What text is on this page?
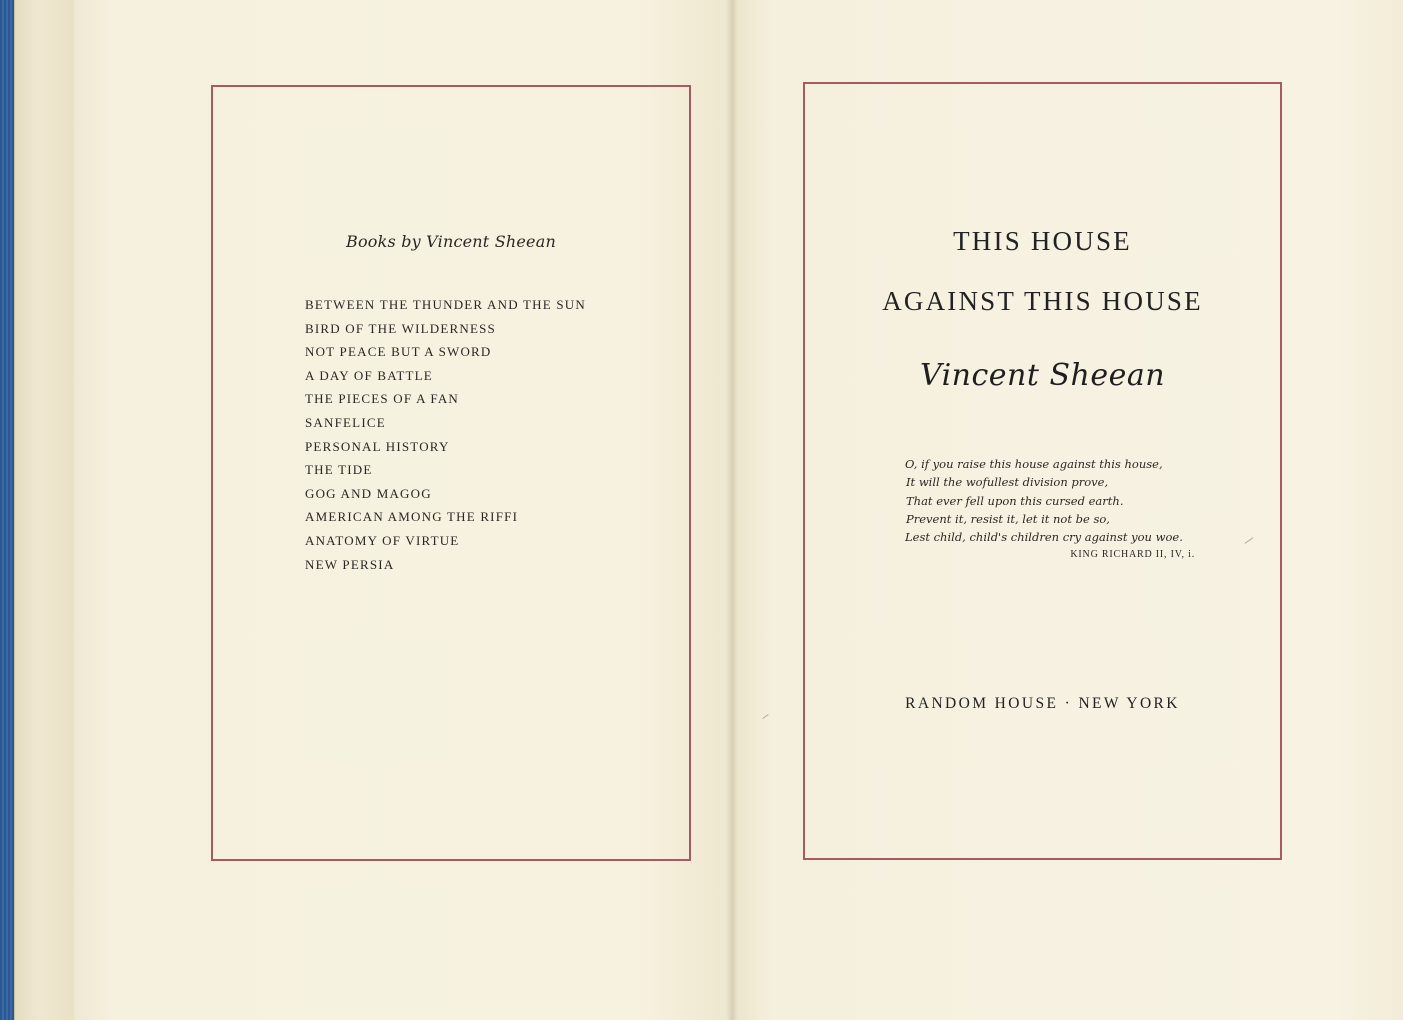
Books by Vincent Sheean
BETWEEN THE THUNDER AND THE SUN
BIRD OF THE WILDERNESS
NOT PEACE BUT A SWORD
A DAY OF BATTLE
THE PIECES OF A FAN
SANFELICE
PERSONAL HISTORY
THE TIDE
GOG AND MAGOG
AMERICAN AMONG THE RIFFI
ANATOMY OF VIRTUE
NEW PERSIA
THIS HOUSE
AGAINST THIS HOUSE
Vincent Sheean
O, if you raise this house against this house,
It will the wofullest division prove,
That ever fell upon this cursed earth.
Prevent it, resist it, let it not be so,
Lest child, child's children cry against you woe.
KING RICHARD II, IV, i.
RANDOM HOUSE · NEW YORK
